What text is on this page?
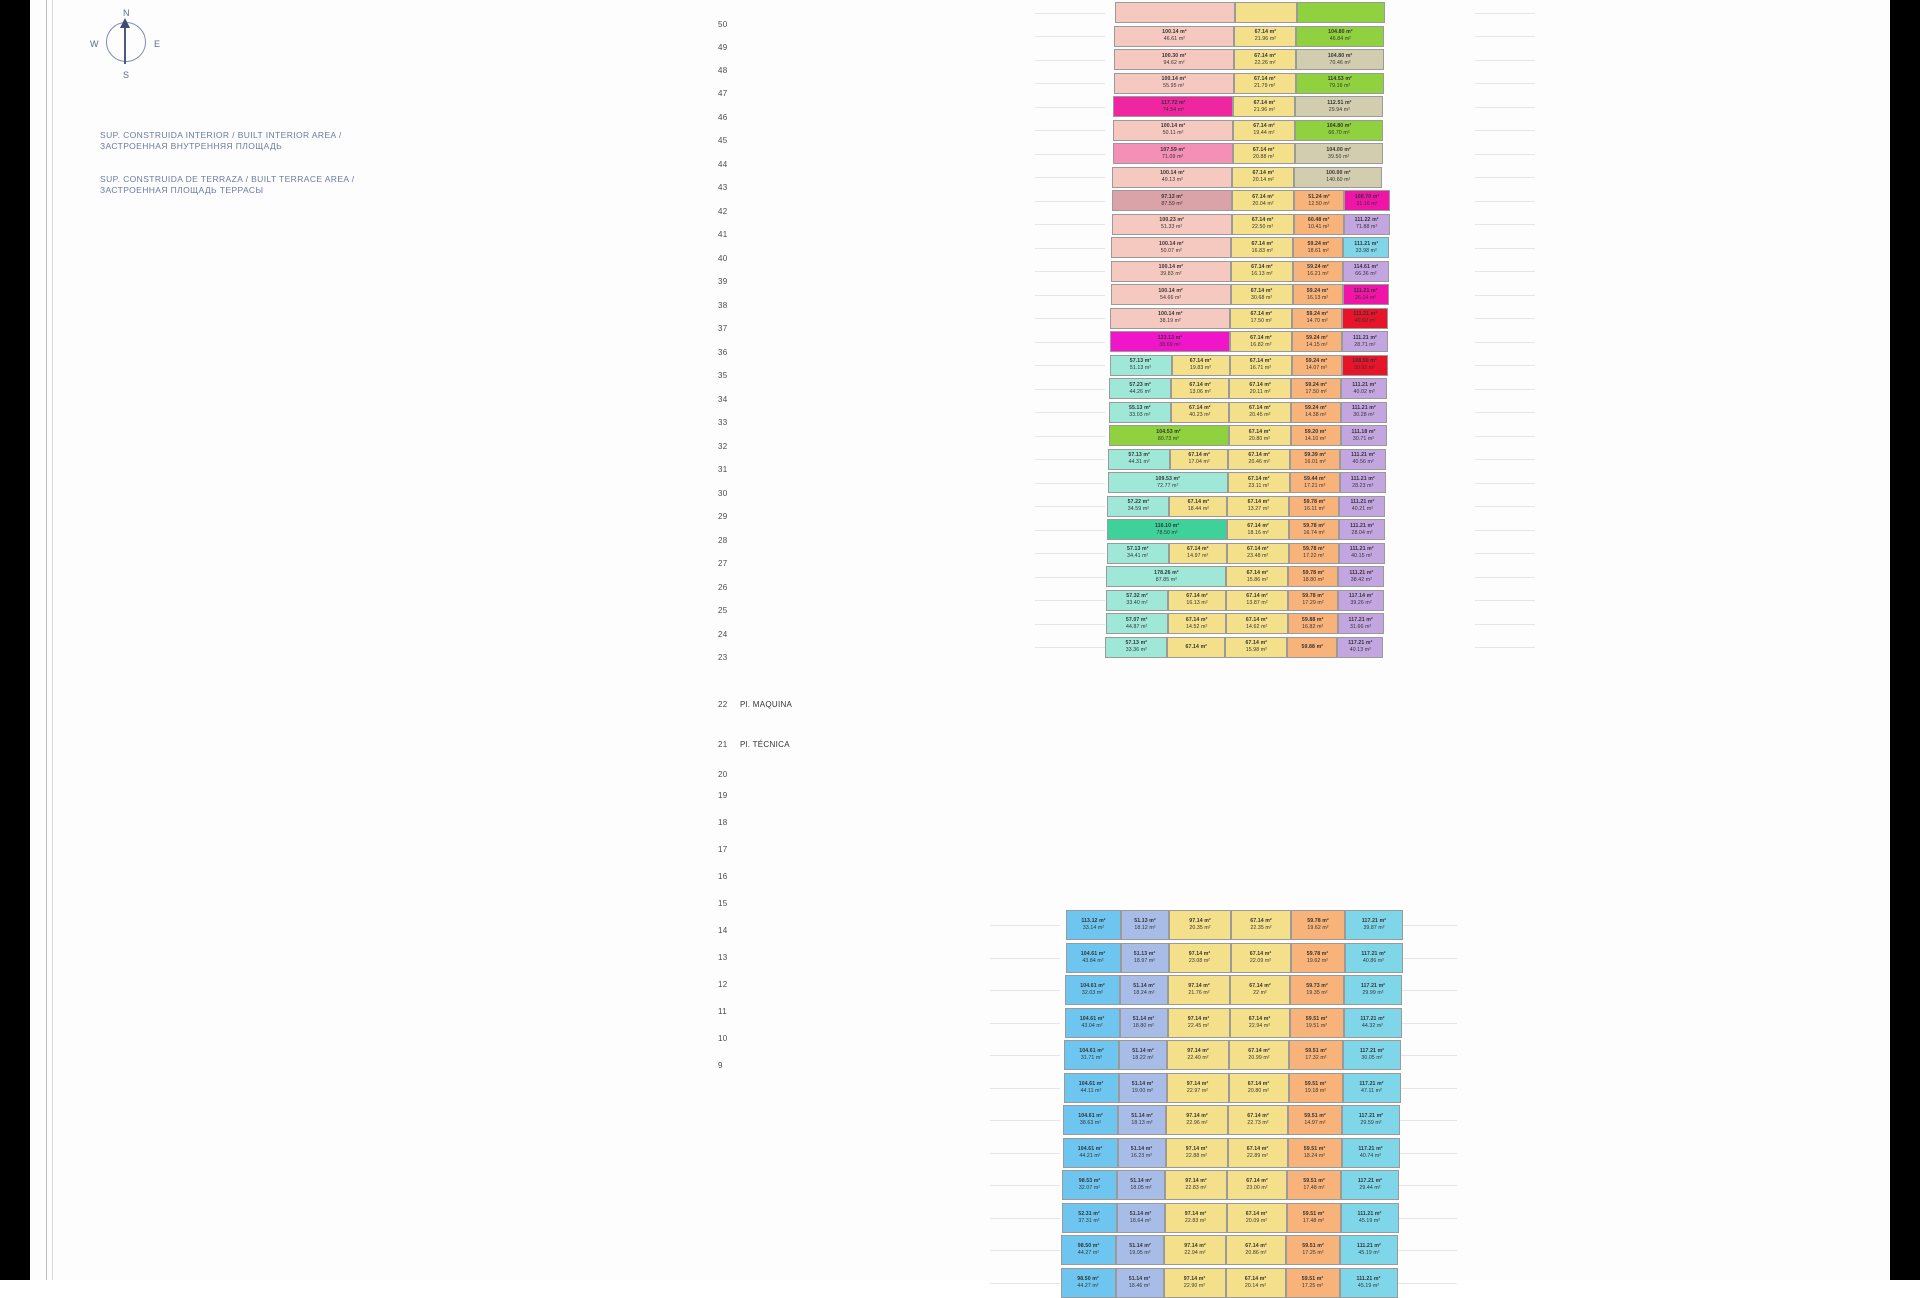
N
S
W	E
SUP. CONSTRUIDA INTERIOR / BUILT INTERIOR AREA /
ЗАСТРОЕННАЯ ВНУТРЕННЯЯ ПЛОЩАДЬ
SUP. CONSTRUIDA DE TERRAZA / BUILT TERRACE AREA /
ЗАСТРОЕННАЯ ПЛОЩАДЬ ТЕРРАСЫ
50
49
48
47
46
45
44
43
42
41
40
39
38
37
36
35
34
33
32
31
30
29
28
27
26
25
24
23
22 Pl. MAQUINA
21 Pl. TÉCNICA
20
19
18
17
16
15
14
13
12
11
10
9
100.14 m²
46.61 m²
67.14 m²
21.96 m²
104.80 m²
46.84 m²
100.30 m²
94.62 m²
67.14 m²
22.26 m²
104.80 m²
70.46 m²
100.14 m²
55.95 m²
67.14 m²
21.79 m²
114.53 m²
79.16 m²
117.72 m²
74.54 m²
67.14 m²
21.96 m²
112.51 m²
29.94 m²
100.14 m²
50.11 m²
67.14 m²
19.44 m²
104.80 m²
66.70 m²
107.59 m²
71.09 m²
67.14 m²
20.88 m²
104.00 m²
39.50 m²
100.14 m²
49.13 m²
67.14 m²
20.14 m²
100.00 m²
140.60 m²
97.13 m²
87.59 m²
67.14 m²
20.04 m²
51.24 m²
12.50 m²
108.70 m²
31.16 m²
100.23 m²
51.33 m²
67.14 m²
22.50 m²
60.48 m²
10.41 m²
111.22 m²
71.88 m²
100.14 m²
50.07 m²
67.14 m²
16.83 m²
59.24 m²
18.61 m²
111.21 m²
33.98 m²
100.14 m²
39.83 m²
67.14 m²
16.13 m²
59.24 m²
16.21 m²
114.61 m²
66.36 m²
100.14 m²
54.66 m²
67.14 m²
30.68 m²
59.24 m²
16.13 m²
111.21 m²
26.14 m²
100.14 m²
38.19 m²
67.14 m²
17.50 m²
59.24 m²
14.70 m²
111.21 m²
40.60 m²
123.13 m²
38.69 m²
67.14 m²
16.82 m²
59.24 m²
14.15 m²
111.21 m²
28.71 m²
57.13 m²
51.13 m²
67.14 m²
19.83 m²
67.14 m²
16.71 m²
59.24 m²
14.07 m²
108.50 m²
30.92 m²
57.23 m²
44.26 m²
67.14 m²
13.06 m²
67.14 m²
20.11 m²
59.24 m²
17.50 m²
111.21 m²
40.02 m²
55.13 m²
33.03 m²
67.14 m²
40.23 m²
67.14 m²
20.45 m²
59.24 m²
14.38 m²
111.21 m²
30.28 m²
104.53 m²
80.73 m²
67.14 m²
20.80 m²
59.20 m²
14.10 m²
111.18 m²
30.71 m²
57.13 m²
44.31 m²
67.14 m²
17.04 m²
67.14 m²
20.46 m²
59.39 m²
16.01 m²
111.21 m²
40.56 m²
109.53 m²
72.77 m²
67.14 m²
23.11 m²
59.44 m²
17.21 m²
111.21 m²
28.23 m²
57.22 m²
34.59 m²
67.14 m²
18.44 m²
67.14 m²
13.27 m²
59.78 m²
16.11 m²
111.21 m²
40.21 m²
116.10 m²
78.50 m²
67.14 m²
18.16 m²
59.78 m²
16.74 m²
111.21 m²
28.04 m²
57.13 m²
34.41 m²
67.14 m²
14.97 m²
67.14 m²
23.48 m²
59.78 m²
17.22 m²
111.21 m²
40.15 m²
178.26 m²
87.85 m²
67.14 m²
15.86 m²
59.78 m²
18.80 m²
111.21 m²
38.42 m²
57.32 m²
33.40 m²
67.14 m²
16.13 m²
67.14 m²
13.87 m²
59.78 m²
17.29 m²
117.14 m²
39.26 m²
57.07 m²
44.87 m²
67.14 m²
14.52 m²
67.14 m²
14.62 m²
59.88 m²
16.82 m²
117.21 m²
31.66 m²
57.13 m²
33.36 m²
67.14 m²
67.14 m²
15.98 m²
59.88 m²
117.21 m²
40.13 m²
113.12 m²
33.14 m²
51.13 m²
18.12 m²
97.14 m²
20.35 m²
67.14 m²
22.35 m²
59.78 m²
19.62 m²
117.21 m²
39.87 m²
104.61 m²
43.84 m²
51.13 m²
18.97 m²
97.14 m²
23.08 m²
67.14 m²
22.09 m²
59.78 m²
19.62 m²
117.21 m²
40.86 m²
104.61 m²
32.03 m²
51.14 m²
18.24 m²
97.14 m²
21.76 m²
67.14 m²
22 m²
59.73 m²
19.35 m²
117.21 m²
29.99 m²
104.61 m²
43.04 m²
51.14 m²
18.80 m²
97.14 m²
22.45 m²
67.14 m²
22.94 m²
59.51 m²
19.51 m²
117.21 m²
44.32 m²
104.61 m²
31.71 m²
51.14 m²
18.22 m²
97.14 m²
22.40 m²
67.14 m²
20.99 m²
59.51 m²
17.32 m²
117.21 m²
30.05 m²
104.61 m²
44.11 m²
51.14 m²
19.00 m²
97.14 m²
22.97 m²
67.14 m²
20.80 m²
59.51 m²
19.18 m²
117.21 m²
47.11 m²
104.61 m²
38.63 m²
51.14 m²
18.13 m²
97.14 m²
22.96 m²
67.14 m²
22.73 m²
59.51 m²
14.97 m²
117.21 m²
29.59 m²
104.61 m²
44.21 m²
51.14 m²
16.23 m²
97.14 m²
22.88 m²
67.14 m²
22.89 m²
59.51 m²
18.24 m²
117.21 m²
40.74 m²
98.53 m²
32.07 m²
51.14 m²
18.05 m²
97.14 m²
22.83 m²
67.14 m²
23.00 m²
59.51 m²
17.48 m²
117.21 m²
29.44 m²
52.31 m²
37.31 m²
51.14 m²
18.64 m²
97.14 m²
22.83 m²
67.14 m²
20.09 m²
59.51 m²
17.48 m²
111.21 m²
45.19 m²
98.50 m²
44.27 m²
51.14 m²
19.05 m²
97.14 m²
22.94 m²
67.14 m²
20.86 m²
59.51 m²
17.25 m²
111.21 m²
45.19 m²
98.50 m²
44.27 m²
51.14 m²
18.46 m²
97.14 m²
22.90 m²
67.14 m²
20.14 m²
59.51 m²
17.25 m²
111.21 m²
45.19 m²
